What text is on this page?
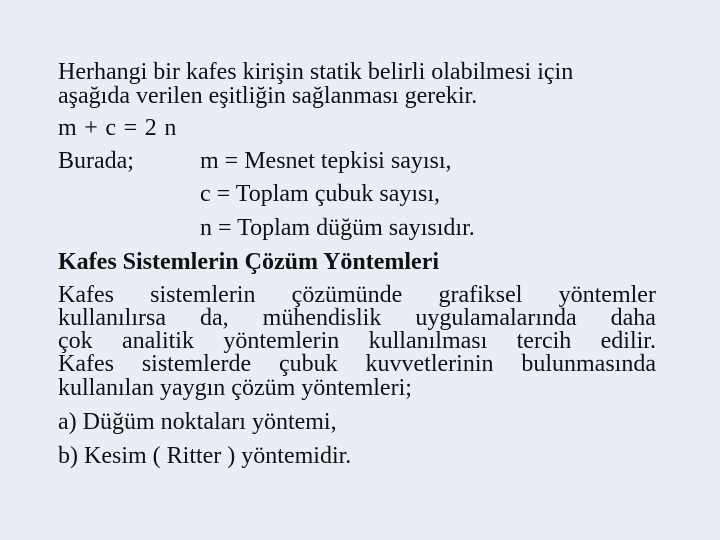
Herhangi bir kafes kirişin statik belirli olabilmesi için
aşağıda verilen eşitliğin sağlanması gerekir.
m + c = 2 n
Burada;	m = Mesnet tepkisi sayısı,
c = Toplam çubuk sayısı,
n = Toplam düğüm sayısıdır.
Kafes Sistemlerin Çözüm Yöntemleri
Kafes sistemlerin çözümünde grafiksel yöntemler
kullanılırsa da, mühendislik uygulamalarında daha
çok analitik yöntemlerin kullanılması tercih edilir.
Kafes sistemlerde çubuk kuvvetlerinin bulunmasında
kullanılan yaygın çözüm yöntemleri;
a) Düğüm noktaları yöntemi,
b) Kesim ( Ritter ) yöntemidir.
